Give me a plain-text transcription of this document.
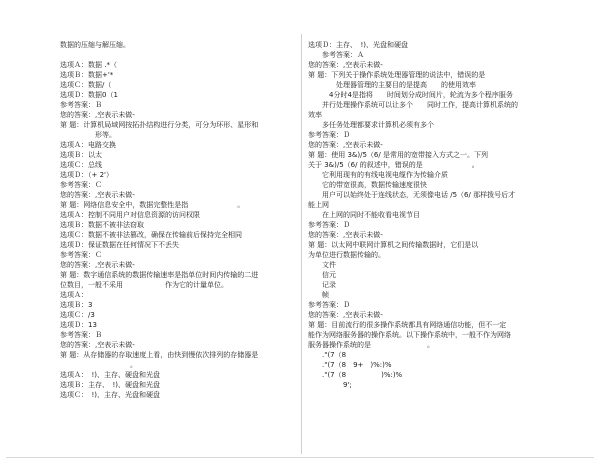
数据的压缩与解压缩。

选项Ａ：数据 .*（
选项Ｂ：数据+'*
选项Ｃ：数据/（
选项Ｄ：数据0（1
参考答案：Ｂ
您的答案：,空表示未做-
第 题：计算机局域网按拓扑结构进行分类，可分为环形、星形和
　　　　　形等。
选项Ａ：电路交换
选项Ｂ：以太
选项Ｃ：总线
选项Ｄ：（+ 2'）
参考答案：Ｃ
您的答案：,空表示未做-
第 题：网络信息安全中，数据完整性是指　　　　　　　。
选项Ａ：控制不同用户对信息资源的访问权限
选项Ｂ：数据不被非法窃取
选项Ｃ：数据不被非法篡改，确保在传输前后保持完全相同
选项Ｄ：保证数据在任何情况下不丢失
参考答案：Ｃ
您的答案：,空表示未做-
第 题：数字通信系统的数据传输速率是指单位时间内传输的二进
位数目，一般不采用　　　　　　作为它的计量单位。
选项Ａ：　　　　
选项Ｂ：3　　
选项Ｃ：/3　
选项Ｄ：13　
参考答案：Ｂ
您的答案：,空表示未做-
第 题：从存储器的存取速度上看，由快到慢依次排列的存储器是
　　　　　　　　　　。
选项Ａ：　!)、主存、硬盘和光盘
选项Ｂ：主存、　!)、硬盘和光盘
选项Ｃ：　!)、主存、光盘和硬盘
选项Ｄ：主存、　!)、光盘和硬盘
　　参考答案：Ａ
您的答案：,空表示未做-
第 题：下列关于操作系统处理器管理的说法中，错误的是　　　　
　　　　处理器管理的主要目的是提高　　的使用效率
　　　4分时4是指将　　时间划分成时间片，轮流为多个程序服务
　　并行处理操作系统可以让多个　　同时工作，提高计算机系统的
效率
　　多任务处理都要求计算机必须有多个　　
参考答案：Ｄ
您的答案：,空表示未做-
第 题：使用 3&)/5（6/ 是常用的宽带接入方式之一。下列
关于 3&)/5（6/ 的叙述中，错误的是　　　　　　　。
　　它利用现有的有线电视电缆作为传输介质
　　它的带宽很高，数据传输速度很快
　　用户可以始终处于连线状态，无须像电话 /5（6/ 那样拨号后才
能上网
　　在上网的同时不能收看电视节目
参考答案：Ｄ
您的答案：,空表示未做-
第 题：以太网中联网计算机之间传输数据时，它们是以　　　　　
为单位进行数据传输的。
　　文件
　　信元
　　记录
　　帧
参考答案：Ｄ
您的答案：,空表示未做-
第 题：目前流行的很多操作系统都具有网络通信功能，但不一定
能作为网络服务器的操作系统。以下操作系统中，一般不作为网络
服务器操作系统的是　　　　　　　　。
　　."(7（8　　
　　."(7（8　9+　)%:)%
　　."(7（8　　　　　)%:)%
　　　　　9';
